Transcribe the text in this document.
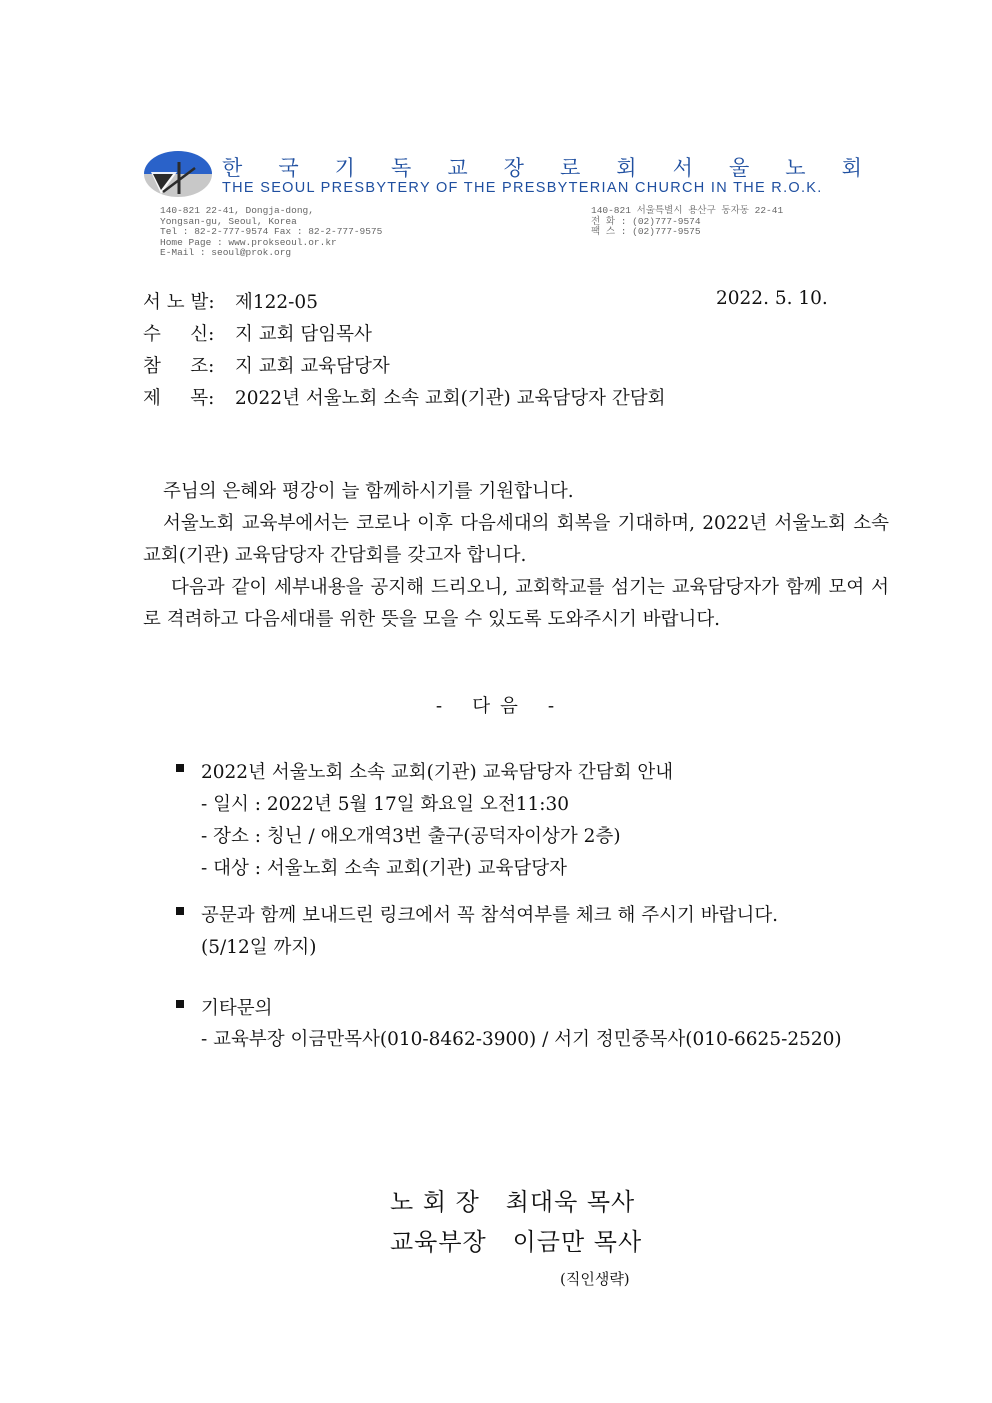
한 국 기 독 교 장 로 회 서 울 노 회
THE SEOUL PRESBYTERY OF THE PRESBYTERIAN CHURCH IN THE R.O.K.
140-821 22-41, Dongja-dong,
Yongsan-gu, Seoul, Korea
Tel : 82-2-777-9574 Fax : 82-2-777-9575
Home Page : www.prokseoul.or.kr
E-Mail : seoul@prok.org
140-821 서울특별시 용산구 동자동 22-41
전 화 : (02)777-9574
팩 스 : (02)777-9575
서 노 발: 제122-05	2022. 5. 10.
수     신: 지 교회 담임목사
참     조: 지 교회 교육담당자
제     목: 2022년 서울노회 소속 교회(기관) 교육담당자 간담회
주님의 은혜와 평강이 늘 함께하시기를 기원합니다.
서울노회 교육부에서는 코로나 이후 다음세대의 회복을 기대하며, 2022년 서울노회 소속 교회(기관) 교육담당자 간담회를 갖고자 합니다.
다음과 같이 세부내용을 공지해 드리오니, 교회학교를 섬기는 교육담당자가 함께 모여 서로 격려하고 다음세대를 위한 뜻을 모을 수 있도록 도와주시기 바랍니다.
- 다 음 -
2022년 서울노회 소속 교회(기관) 교육담당자 간담회 안내
- 일시 : 2022년 5월 17일 화요일 오전11:30
- 장소 : 칭닌 / 애오개역3번 출구(공덕자이상가 2층)
- 대상 : 서울노회 소속 교회(기관) 교육담당자
공문과 함께 보내드린 링크에서 꼭 참석여부를 체크 해 주시기 바랍니다.
(5/12일 까지)
기타문의
- 교육부장 이금만목사(010-8462-3900) / 서기 정민중목사(010-6625-2520)
노 회 장   최대욱 목사
교육부장   이금만 목사
(직인생략)
